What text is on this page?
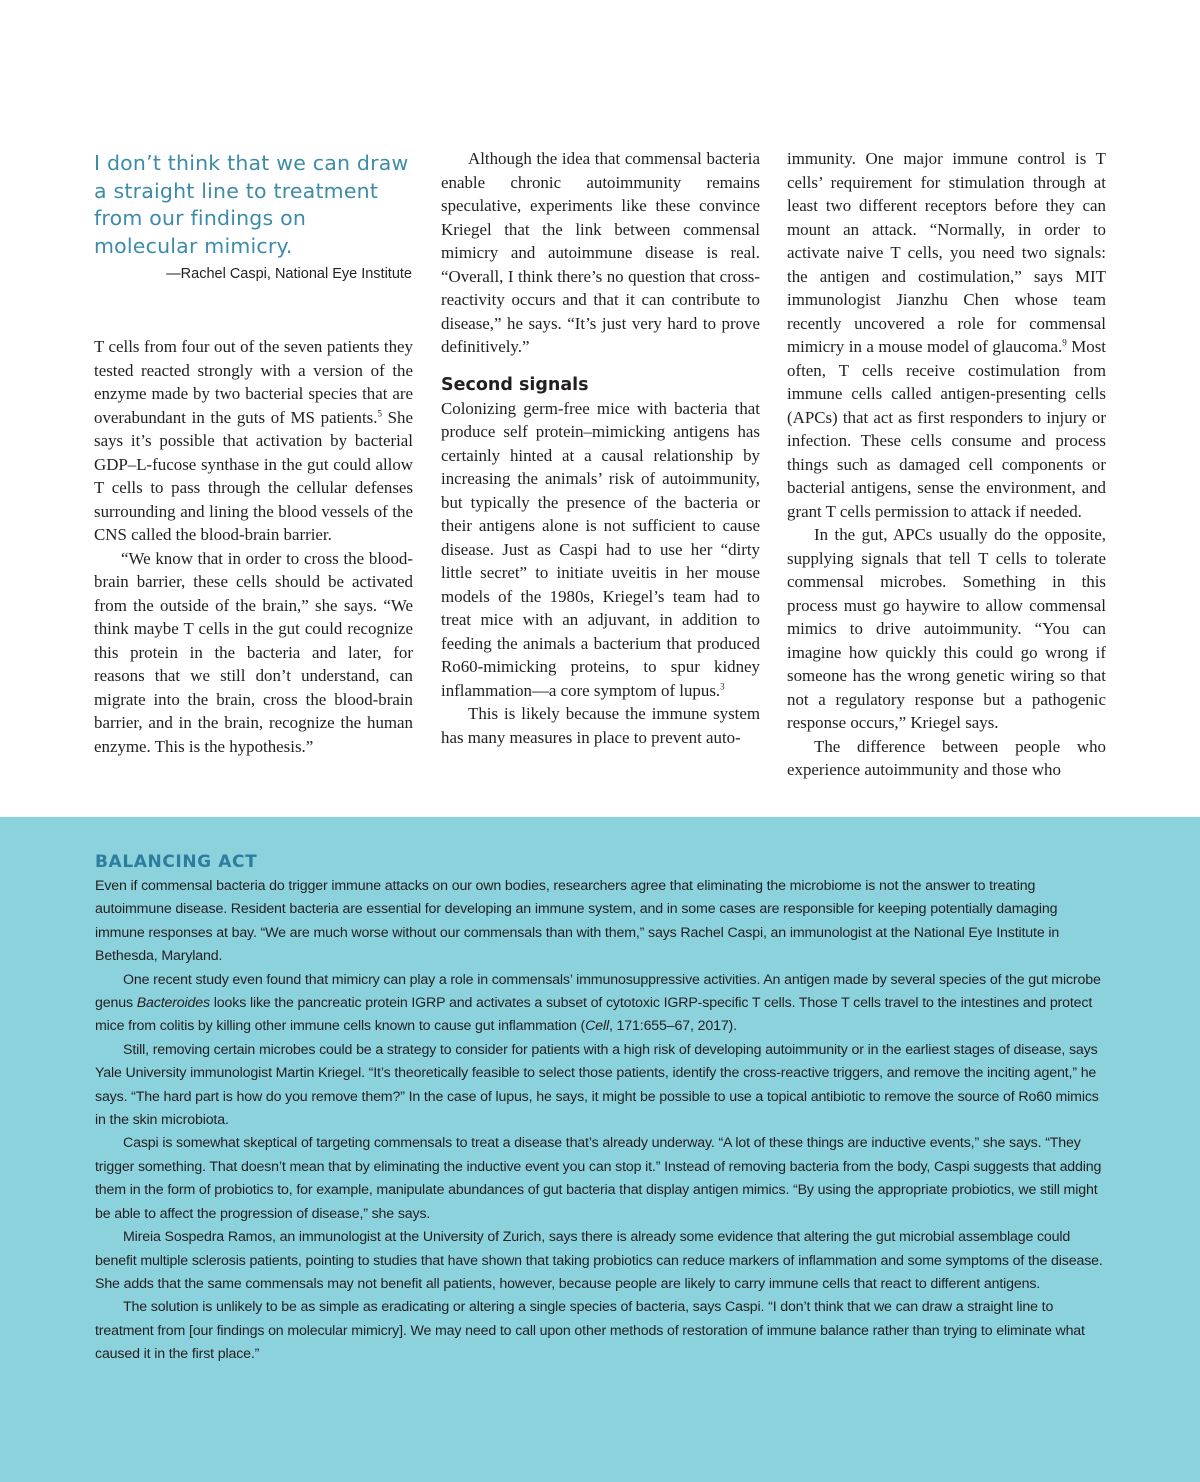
I don’t think that we can draw a straight line to treatment from our findings on molecular mimicry.

—Rachel Caspi, National Eye Institute

T cells from four out of the seven patients they tested reacted strongly with a version of the enzyme made by two bacterial species that are overabundant in the guts of MS patients.$^5$ She says it’s possible that activation by bacterial GDP–L-fucose synthase in the gut could allow T cells to pass through the cellular defenses surrounding and lining the blood vessels of the CNS called the blood-brain barrier.

“We know that in order to cross the blood-brain barrier, these cells should be activated from the outside of the brain,” she says. “We think maybe T cells in the gut could recognize this protein in the bacteria and later, for reasons that we still don’t understand, can migrate into the brain, cross the blood-brain barrier, and in the brain, recognize the human enzyme. This is the hypothesis.”

Although the idea that commensal bacteria enable chronic autoimmunity remains speculative, experiments like these convince Kriegel that the link between commensal mimicry and autoimmune disease is real. “Overall, I think there’s no question that cross-reactivity occurs and that it can contribute to disease,” he says. “It’s just very hard to prove definitively.”

Second signals

Colonizing germ-free mice with bacteria that produce self protein–mimicking antigens has certainly hinted at a causal relationship by increasing the animals’ risk of autoimmunity, but typically the presence of the bacteria or their antigens alone is not sufficient to cause disease. Just as Caspi had to use her “dirty little secret” to initiate uveitis in her mouse models of the 1980s, Kriegel’s team had to treat mice with an adjuvant, in addition to feeding the animals a bacterium that produced Ro60-mimicking proteins, to spur kidney inflammation—a core symptom of lupus.$^3$

This is likely because the immune system has many measures in place to prevent auto-

immunity. One major immune control is T cells’ requirement for stimulation through at least two different receptors before they can mount an attack. “Normally, in order to activate naive T cells, you need two signals: the antigen and costimulation,” says MIT immunologist Jianzhu Chen whose team recently uncovered a role for commensal mimicry in a mouse model of glaucoma.$^9$ Most often, T cells receive costimulation from immune cells called antigen-presenting cells (APCs) that act as first responders to injury or infection. These cells consume and process things such as damaged cell components or bacterial antigens, sense the environment, and grant T cells permission to attack if needed.

In the gut, APCs usually do the opposite, supplying signals that tell T cells to tolerate commensal microbes. Something in this process must go haywire to allow commensal mimics to drive autoimmunity. “You can imagine how quickly this could go wrong if someone has the wrong genetic wiring so that not a regulatory response but a pathogenic response occurs,” Kriegel says.

The difference between people who experience autoimmunity and those who

BALANCING ACT

Even if commensal bacteria do trigger immune attacks on our own bodies, researchers agree that eliminating the microbiome is not the answer to treating autoimmune disease. Resident bacteria are essential for developing an immune system, and in some cases are responsible for keeping potentially damaging immune responses at bay. “We are much worse without our commensals than with them,” says Rachel Caspi, an immunologist at the National Eye Institute in Bethesda, Maryland.

One recent study even found that mimicry can play a role in commensals’ immunosuppressive activities. An antigen made by several species of the gut microbe genus Bacteroides looks like the pancreatic protein IGRP and activates a subset of cytotoxic IGRP-specific T cells. Those T cells travel to the intestines and protect mice from colitis by killing other immune cells known to cause gut inflammation (Cell, 171:655–67, 2017).

Still, removing certain microbes could be a strategy to consider for patients with a high risk of developing autoimmunity or in the earliest stages of disease, says Yale University immunologist Martin Kriegel. “It’s theoretically feasible to select those patients, identify the cross-reactive triggers, and remove the inciting agent,” he says. “The hard part is how do you remove them?” In the case of lupus, he says, it might be possible to use a topical antibiotic to remove the source of Ro60 mimics in the skin microbiota.

Caspi is somewhat skeptical of targeting commensals to treat a disease that’s already underway. “A lot of these things are inductive events,” she says. “They trigger something. That doesn’t mean that by eliminating the inductive event you can stop it.” Instead of removing bacteria from the body, Caspi suggests that adding them in the form of probiotics to, for example, manipulate abundances of gut bacteria that display antigen mimics. “By using the appropriate probiotics, we still might be able to affect the progression of disease,” she says.

Mireia Sospedra Ramos, an immunologist at the University of Zurich, says there is already some evidence that altering the gut microbial assemblage could benefit multiple sclerosis patients, pointing to studies that have shown that taking probiotics can reduce markers of inflammation and some symptoms of the disease. She adds that the same commensals may not benefit all patients, however, because people are likely to carry immune cells that react to different antigens.

The solution is unlikely to be as simple as eradicating or altering a single species of bacteria, says Caspi. “I don’t think that we can draw a straight line to treatment from [our findings on molecular mimicry]. We may need to call upon other methods of restoration of immune balance rather than trying to eliminate what caused it in the first place.”
